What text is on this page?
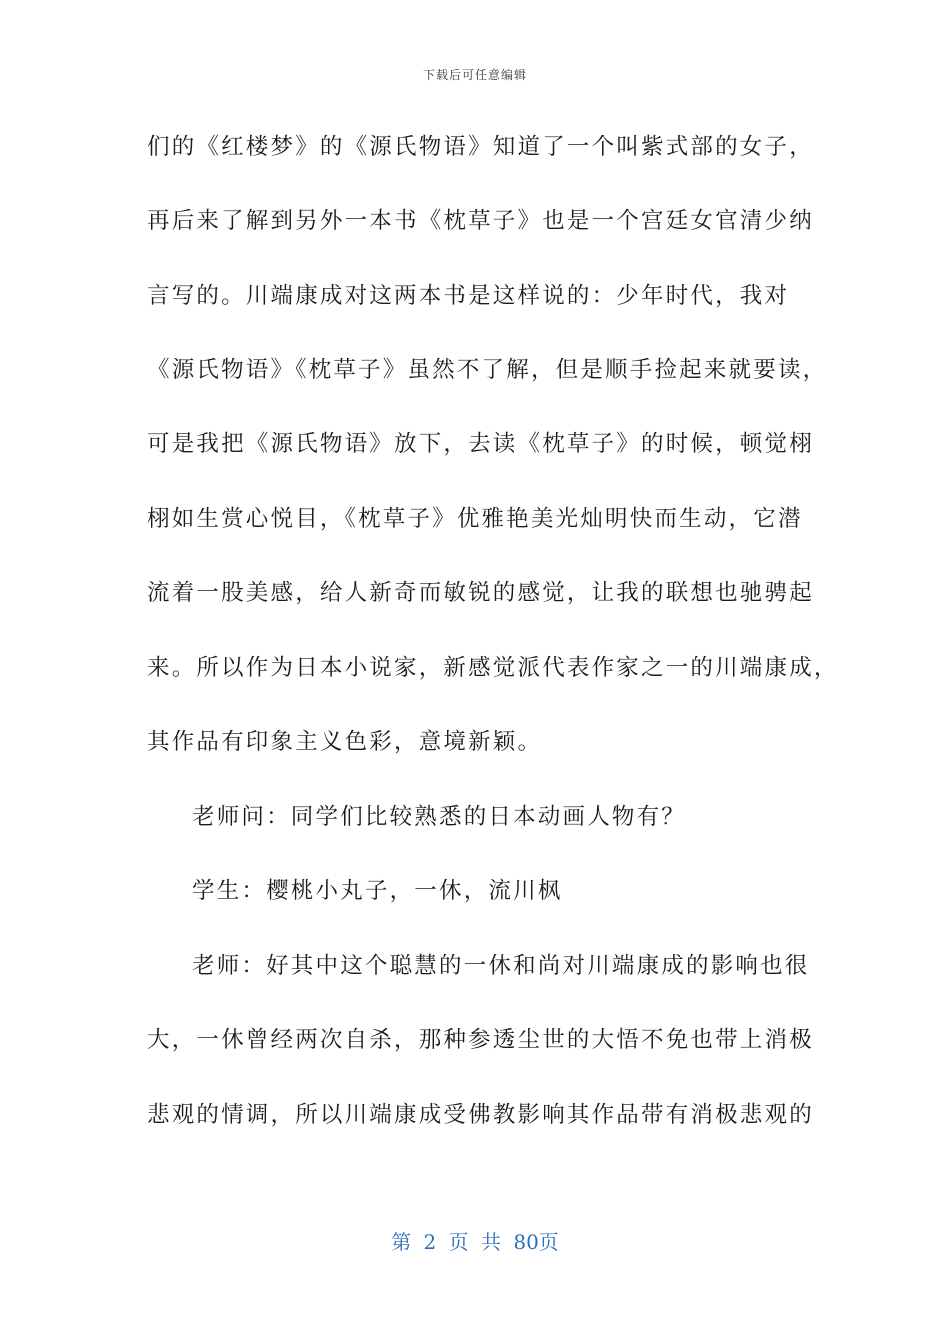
下载后可任意编辑
们的《红楼梦》的《源氏物语》知道了一个叫紫式部的女子，
再后来了解到另外一本书《枕草子》也是一个宫廷女官清少纳
言写的。川端康成对这两本书是这样说的：少年时代，我对
《源氏物语》《枕草子》虽然不了解，但是顺手捡起来就要读，
可是我把《源氏物语》放下，去读《枕草子》的时候，顿觉栩
栩如生赏心悦目，《枕草子》优雅艳美光灿明快而生动，它潜
流着一股美感，给人新奇而敏锐的感觉，让我的联想也驰骋起
来。所以作为日本小说家，新感觉派代表作家之一的川端康成，
其作品有印象主义色彩，意境新颖。
老师问：同学们比较熟悉的日本动画人物有？
学生：樱桃小丸子，一休，流川枫
老师：好其中这个聪慧的一休和尚对川端康成的影响也很
大，一休曾经两次自杀，那种参透尘世的大悟不免也带上消极
悲观的情调，所以川端康成受佛教影响其作品带有消极悲观的
第 2 页 共 80页
